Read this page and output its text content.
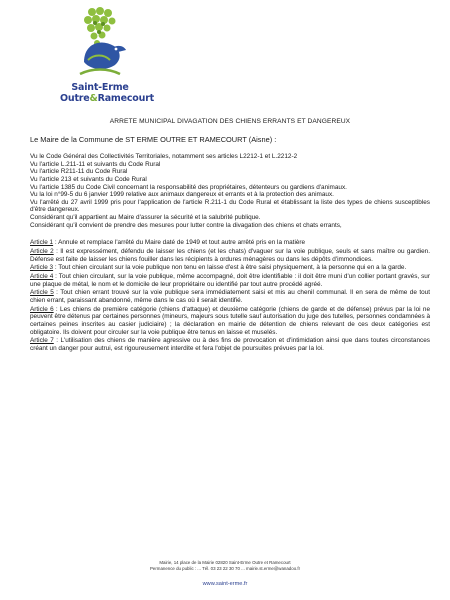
Saint-Erme
Outre&Ramecourt
ARRETE MUNICIPAL DIVAGATION DES CHIENS ERRANTS ET DANGEREUX
Le Maire de la Commune de ST ERME OUTRE ET RAMECOURT (Aisne) :

Vu le Code Général des Collectivités Territoriales, notamment ses articles L2212-1 et L.2212-2

Vu l'article L.211-11 et suivants du Code Rural

Vu l'article R211-11 du Code Rural

Vu l'article 213 et suivants du Code Rural

Vu l'article 1385 du Code Civil concernant la responsabilité des propriétaires, détenteurs ou gardiens d'animaux.

Vu la loi n°99-5 du 6 janvier 1999 relative aux animaux dangereux et errants et à la protection des animaux.

Vu l'arrêté du 27 avril 1999 pris pour l'application de l'article R.211-1 du Code Rural et établissant la liste des types de chiens susceptibles d'être dangereux.

Considérant qu'il appartient au Maire d'assurer la sécurité et la salubrité publique.

Considérant qu'il convient de prendre des mesures pour lutter contre la divagation des chiens et chats errants,

Article 1 : Annule et remplace l'arrêté du Maire daté de 1949 et tout autre arrêté pris en la matière

Article 2 : Il est expressément, défendu de laisser les chiens (et les chats) d'vaguer sur la voie publique, seuls et sans maître ou gardien. Défense est faite de laisser les chiens fouiller dans les récipients à ordures ménagères ou dans les dépôts d'immondices.

Article 3 : Tout chien circulant sur la voie publique non tenu en laisse d'est à être saisi physiquement, à la personne qui en a la garde.

Article 4 : Tout chien circulant, sur la voie publique, même accompagné, doit être identifiable : il doit être muni d'un collier portant gravés, sur une plaque de métal, le nom et le domicile de leur propriétaire ou identifié par tout autre procédé agréé.

Article 5 : Tout chien errant trouvé sur la voie publique sera immédiatement saisi et mis au chenil communal. Il en sera de même de tout chien errant, paraissant abandonné, même dans le cas où il serait identifié.

Article 6 : Les chiens de première catégorie (chiens d'attaque) et deuxième catégorie (chiens de garde et de défense) prévus par la loi ne peuvent être détenus par certaines personnes (mineurs, majeurs sous tutelle sauf autorisation du juge des tutelles, personnes condamnées à certaines peines inscrites au casier judiciaire) ; la déclaration en mairie de détention de chiens relevant de ces deux catégories est obligatoire. Ils doivent pour circuler sur la voie publique être tenus en laisse et muselés.

Article 7 : L'utilisation des chiens de manière agressive ou à des fins de provocation et d'intimidation ainsi que dans toutes circonstances créant un danger pour autrui, est rigoureusement interdite et fera l'objet de poursuites prévues par la loi.

Mairie, 14 place de la Mairie 02820 Saint-Erme Outre et Ramecourt
Permanence du public : ... Tél. 03 23 22 30 70 ... mairie.st.erme@wanadoo.fr
www.saint-erme.fr
